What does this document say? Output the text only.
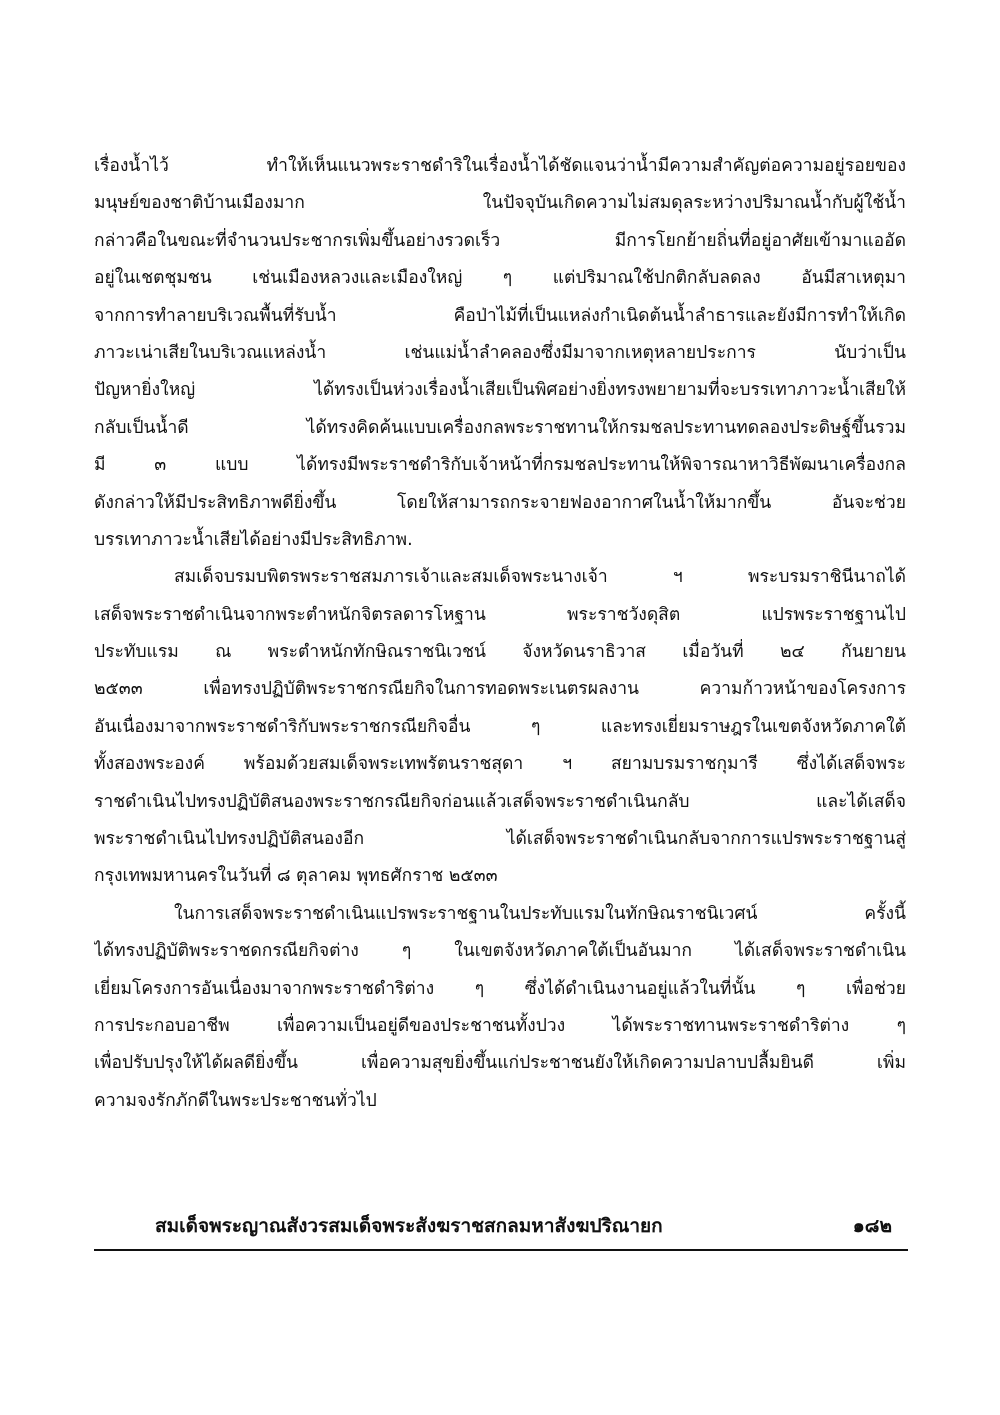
เรื่องน้ำไว้ ทำให้เห็นแนวพระราชดำริในเรื่องน้ำได้ชัดแจนว่าน้ำมีความสำคัญต่อความอยู่รอยของ
มนุษย์ของชาติบ้านเมืองมาก ในปัจจุบันเกิดความไม่สมดุลระหว่างปริมาณน้ำกับผู้ใช้น้ำ
กล่าวคือในขณะที่จำนวนประชากรเพิ่มขึ้นอย่างรวดเร็ว มีการโยกย้ายถิ่นที่อยู่อาศัยเข้ามาแออัด
อยู่ในเชตชุมชน เช่นเมืองหลวงและเมืองใหญ่ ๆ แต่ปริมาณใช้ปกติกลับลดลง อันมีสาเหตุมา
จากการทำลายบริเวณพื้นที่รับน้ำ คือป่าไม้ที่เป็นแหล่งกำเนิดต้นน้ำลำธารและยังมีการทำให้เกิด
ภาวะเน่าเสียในบริเวณแหล่งน้ำ เช่นแม่น้ำลำคลองซึ่งมีมาจากเหตุหลายประการ นับว่าเป็น
ปัญหายิ่งใหญ่ ได้ทรงเป็นห่วงเรื่องน้ำเสียเป็นพิศอย่างยิ่งทรงพยายามที่จะบรรเทาภาวะน้ำเสียให้
กลับเป็นน้ำดี ได้ทรงคิดค้นแบบเครื่องกลพระราชทานให้กรมชลประทานทดลองประดิษฐ์ขึ้นรวม
มี ๓ แบบ ได้ทรงมีพระราชดำริกับเจ้าหน้าที่กรมชลประทานให้พิจารณาหาวิธีพัฒนาเครื่องกล
ดังกล่าวให้มีประสิทธิภาพดียิ่งขึ้น โดยให้สามารถกระจายฟองอากาศในน้ำให้มากขึ้น อันจะช่วย
บรรเทาภาวะน้ำเสียได้อย่างมีประสิทธิภาพ.
สมเด็จบรมบพิตรพระราชสมภารเจ้าและสมเด็จพระนางเจ้า ฯ พระบรมราชินีนาถได้
เสด็จพระราชดำเนินจากพระตำหนักจิตรลดารโหฐาน พระราชวังดุสิต แปรพระราชฐานไป
ประทับแรม ณ พระตำหนักทักษิณราชนิเวชน์ จังหวัดนราธิวาส เมื่อวันที่ ๒๔ กันยายน
๒๕๓๓ เพื่อทรงปฏิบัติพระราชกรณียกิจในการทอดพระเนตรผลงาน ความก้าวหน้าของโครงการ
อันเนื่องมาจากพระราชดำริกับพระราชกรณียกิจอื่น ๆ และทรงเยี่ยมราษฎรในเขตจังหวัดภาคใต้
ทั้งสองพระองค์ พร้อมด้วยสมเด็จพระเทพรัตนราชสุดา ฯ สยามบรมราชกุมารี ซึ่งได้เสด็จพระ
ราชดำเนินไปทรงปฏิบัติสนองพระราชกรณียกิจก่อนแล้วเสด็จพระราชดำเนินกลับ และได้เสด็จ
พระราชดำเนินไปทรงปฏิบัติสนองอีก ได้เสด็จพระราชดำเนินกลับจากการแปรพระราชฐานสู่
กรุงเทพมหานครในวันที่ ๘ ตุลาคม พุทธศักราช ๒๕๓๓
ในการเสด็จพระราชดำเนินแปรพระราชฐานในประทับแรมในทักษิณราชนิเวศน์ ครั้งนี้
ได้ทรงปฏิบัติพระราชดกรณียกิจต่าง ๆ ในเขตจังหวัดภาคใต้เป็นอันมาก ได้เสด็จพระราชดำเนิน
เยี่ยมโครงการอันเนื่องมาจากพระราชดำริต่าง ๆ ซึ่งได้ดำเนินงานอยู่แล้วในที่นั้น ๆ เพื่อช่วย
การประกอบอาชีพ เพื่อความเป็นอยู่ดีของประชาชนทั้งปวง ได้พระราชทานพระราชดำริต่าง ๆ
เพื่อปรับปรุงให้ได้ผลดียิ่งขึ้น เพื่อความสุขยิ่งขึ้นแก่ประชาชนยังให้เกิดความปลาบปลื้มยินดี เพิ่ม
ความจงรักภักดีในพระประชาชนทั่วไป
สมเด็จพระญาณสังวรสมเด็จพระสังฆราชสกลมหาสังฆปริณายก	๑๘๒
